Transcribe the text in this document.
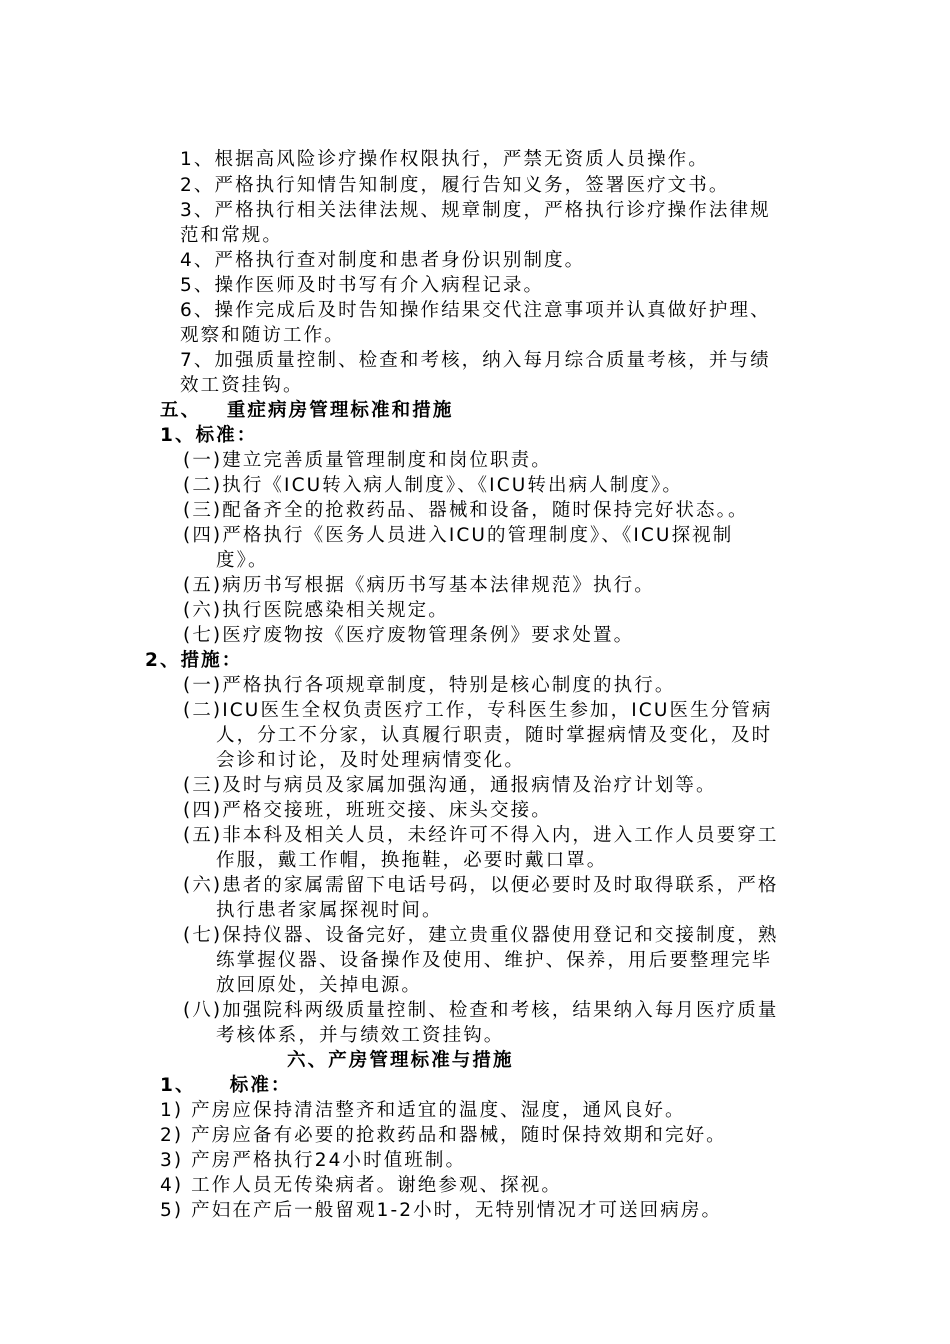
1、根据高风险诊疗操作权限执行，严禁无资质人员操作。
2、严格执行知情告知制度，履行告知义务，签署医疗文书。
3、严格执行相关法律法规、规章制度，严格执行诊疗操作法律规
范和常规。
4、严格执行查对制度和患者身份识别制度。
5、操作医师及时书写有介入病程记录。
6、操作完成后及时告知操作结果交代注意事项并认真做好护理、
观察和随访工作。
7、加强质量控制、检查和考核，纳入每月综合质量考核，并与绩
效工资挂钩。
五、   重症病房管理标准和措施
1、标准：
(一)建立完善质量管理制度和岗位职责。
(二)执行《ICU转入病人制度》、《ICU转出病人制度》。
(三)配备齐全的抢救药品、器械和设备，随时保持完好状态。。
(四)严格执行《医务人员进入ICU的管理制度》、《ICU探视制
度》。
(五)病历书写根据《病历书写基本法律规范》执行。
(六)执行医院感染相关规定。
(七)医疗废物按《医疗废物管理条例》要求处置。
2、措施：
(一)严格执行各项规章制度，特别是核心制度的执行。
(二)ICU医生全权负责医疗工作，专科医生参加，ICU医生分管病
人，分工不分家，认真履行职责，随时掌握病情及变化，及时
会诊和讨论，及时处理病情变化。
(三)及时与病员及家属加强沟通，通报病情及治疗计划等。
(四)严格交接班，班班交接、床头交接。
(五)非本科及相关人员，未经许可不得入内，进入工作人员要穿工
作服，戴工作帽，换拖鞋，必要时戴口罩。
(六)患者的家属需留下电话号码，以便必要时及时取得联系，严格
执行患者家属探视时间。
(七)保持仪器、设备完好，建立贵重仪器使用登记和交接制度，熟
练掌握仪器、设备操作及使用、维护、保养，用后要整理完毕
放回原处，关掉电源。
(八)加强院科两级质量控制、检查和考核，结果纳入每月医疗质量
考核体系，并与绩效工资挂钩。
六、产房管理标准与措施
1、    标准：
1) 产房应保持清洁整齐和适宜的温度、湿度，通风良好。
2) 产房应备有必要的抢救药品和器械，随时保持效期和完好。
3) 产房严格执行24小时值班制。
4) 工作人员无传染病者。谢绝参观、探视。
5) 产妇在产后一般留观1-2小时，无特别情况才可送回病房。
